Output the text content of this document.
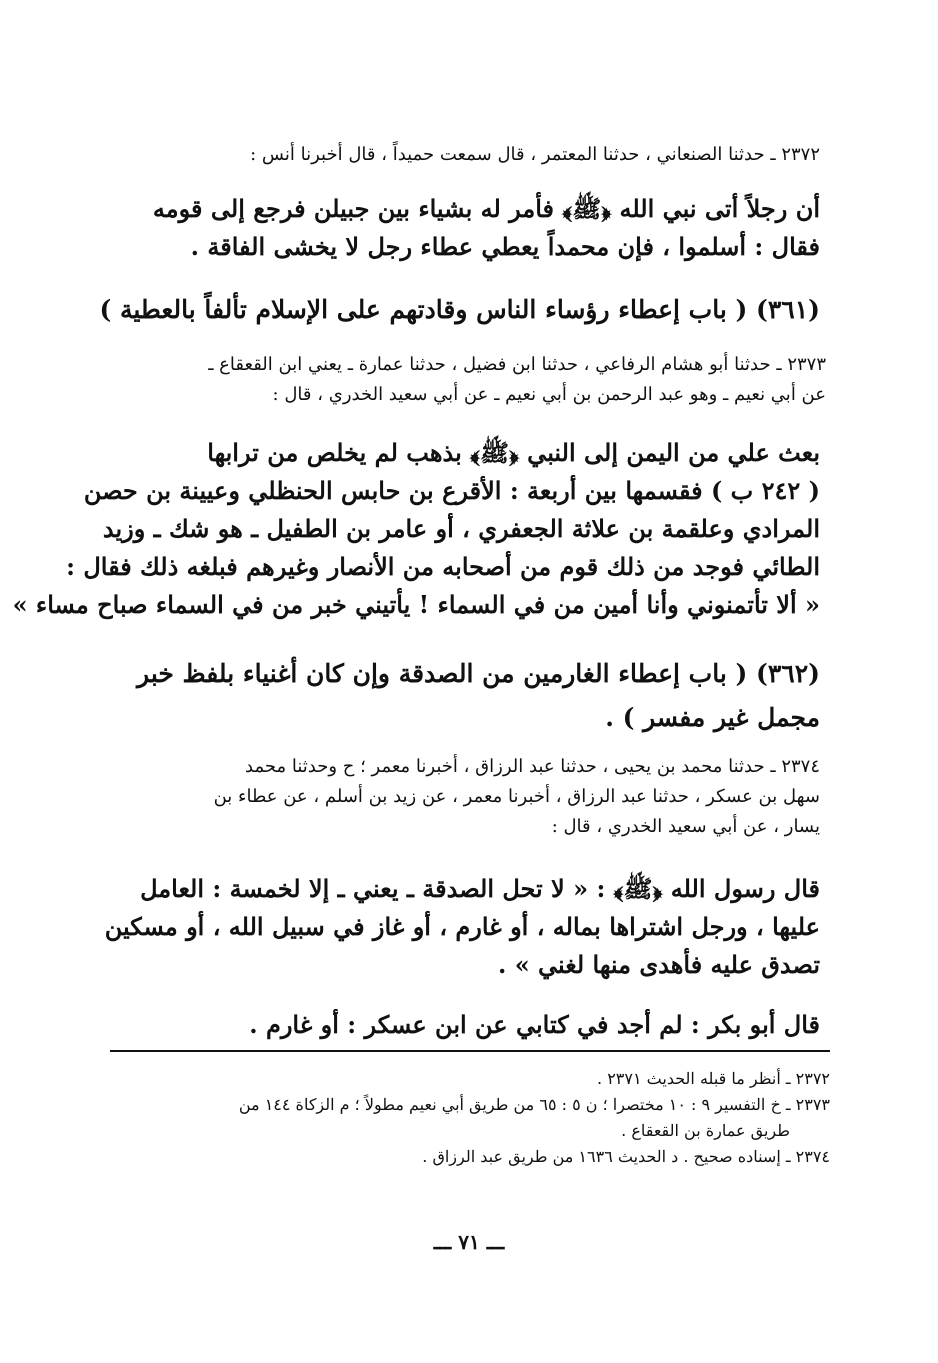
٢٣٧٢ ـ حدثنا الصنعاني ، حدثنا المعتمر ، قال سمعت حميداً ، قال أخبرنا أنس :
أن رجلاً أتى نبي الله ﴿ﷺ﴾ فأمر له بشياء بين جبيلن فرجع إلى قومه
فقال : أسلموا ، فإن محمداً يعطي عطاء رجل لا يخشى الفاقة .
(٣٦١) ( باب إعطاء رؤساء الناس وقادتهم على الإسلام تألفاً بالعطية )
٢٣٧٣ ـ حدثنا أبو هشام الرفاعي ، حدثنا ابن فضيل ، حدثنا عمارة ـ يعني ابن القعقاع ـ
عن أبي نعيم ـ وهو عبد الرحمن بن أبي نعيم ـ عن أبي سعيد الخدري ، قال :
بعث علي من اليمن إلى النبي ﴿ﷺ﴾ بذهب لم يخلص من ترابها
( ٢٤٢ ب ) فقسمها بين أربعة : الأقرع بن حابس الحنظلي وعيينة بن حصن
المرادي وعلقمة بن علاثة الجعفري ، أو عامر بن الطفيل ـ هو شك ـ وزيد
الطائي فوجد من ذلك قوم من أصحابه من الأنصار وغيرهم فبلغه ذلك فقال :
« ألا تأتمنوني وأنا أمين من في السماء ! يأتيني خبر من في السماء صباح مساء »
(٣٦٢) ( باب إعطاء الغارمين من الصدقة وإن كان أغنياء بلفظ خبر
مجمل غير مفسر ) .
٢٣٧٤ ـ حدثنا محمد بن يحيى ، حدثنا عبد الرزاق ، أخبرنا معمر ؛ ح وحدثنا محمد
سهل بن عسكر ، حدثنا عبد الرزاق ، أخبرنا معمر ، عن زيد بن أسلم ، عن عطاء بن
يسار ، عن أبي سعيد الخدري ، قال :
قال رسول الله ﴿ﷺ﴾ : « لا تحل الصدقة ـ يعني ـ إلا لخمسة : العامل
عليها ، ورجل اشتراها بماله ، أو غارم ، أو غاز في سبيل الله ، أو مسكين
تصدق عليه فأهدى منها لغني » .
قال أبو بكر : لم أجد في كتابي عن ابن عسكر : أو غارم .
٢٣٧٢ ـ أنظر ما قبله الحديث ٢٣٧١ .
٢٣٧٣ ـ خ التفسير ٩ : ١٠ مختصرا ؛ ن ٥ : ٦٥ من طريق أبي نعيم مطولاً ؛ م الزكاة ١٤٤ من
طريق عمارة بن القعقاع .
٢٣٧٤ ـ إسناده صحيح . د الحديث ١٦٣٦ من طريق عبد الرزاق .
ـــ ٧١ ـــ
